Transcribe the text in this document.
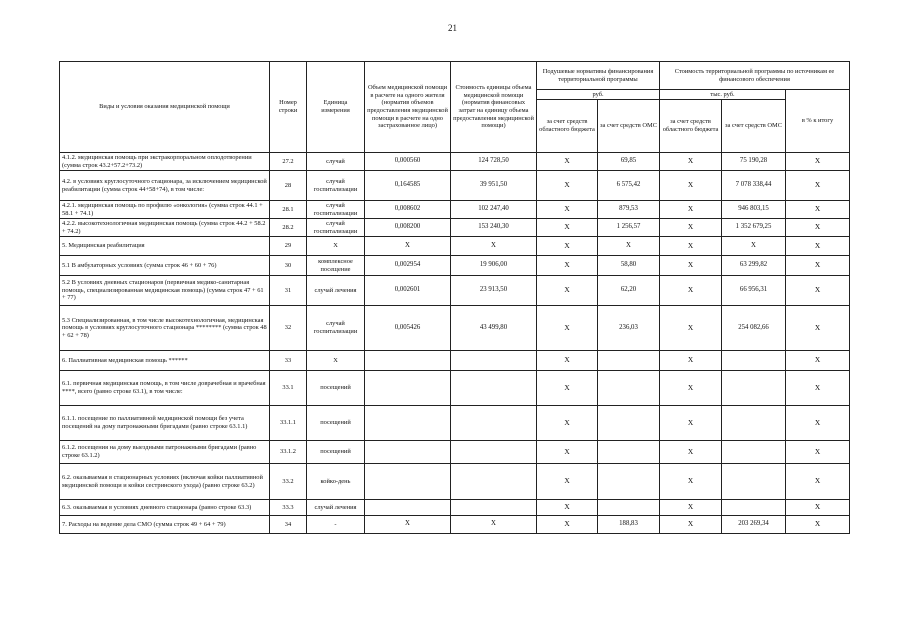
21
Виды и условия оказания медицинской помощи	Номер строки	Единица измерения	Объем медицинской помощи в расчете на одного жителя (норматив объемов предоставления медицинской помощи в расчете на одно застрахованное лицо)	Стоимость единицы объема медицинской помощи (норматив финансовых затрат на единицу объема предоставления медицинской помощи)	Подушевые нормативы финансирования территориальной программы		Стоимость территориальной программы по источникам ее финансового обеспечения		
					руб.		тыс. руб.		в % к итогу
					за счет средств областного бюджета	за счет средств ОМС	за счет средств областного бюджета	за счет средств ОМС	
4.1.2. медицинская помощь при экстракорпоральном оплодотворении (сумма строк 43.2+57.2+73.2)	27.2	случай	0,000560	124 728,50	X	69,85	X	75 190,28	X
4.2. в условиях круглосуточного стационара, за исключением медицинской реабилитации (сумма строк 44+58+74), в том числе:	28	случай госпитализации	0,164585	39 951,50	X	6 575,42	X	7 078 338,44	X
4.2.1. медицинская помощь по профилю «онкология» (сумма строк 44.1 + 58.1 + 74.1)	28.1	случай госпитализации	0,008602	102 247,40	X	879,53	X	946 803,15	X
4.2.2. высокотехнологичная медицинская помощь (сумма строк 44.2 + 58.2 + 74.2)	28.2	случай госпитализации	0,008200	153 240,30	X	1 256,57	X	1 352 679,25	X
5. Медицинская реабилитация	29	X	X	X	X	X	X	X	X
5.1 В амбулаторных условиях (сумма строк 46 + 60 + 76)	30	комплексное посещение	0,002954	19 906,00	X	58,80	X	63 299,82	X
5.2 В условиях дневных стационаров (первичная медико-санитарная помощь, специализированная медицинская помощь) (сумма строк 47 + 61 + 77)	31	случай лечения	0,002601	23 913,50	X	62,20	X	66 956,31	X
5.3 Специализированная, в том числе высокотехнологичная, медицинская помощь в условиях круглосуточного стационара ******** (сумма строк 48 + 62 + 78)	32	случай госпитализации	0,005426	43 499,80	X	236,03	X	254 082,66	X
6. Паллиативная медицинская помощь ******	33	X			X		X		X
6.1. первичная медицинская помощь, в том числе доврачебная и врачебная ****, всего (равно строке 63.1), в том числе:	33.1	посещений			X		X		X
6.1.1. посещение по паллиативной медицинской помощи без учета посещений на дому патронажными бригадами (равно строке 63.1.1)	33.1.1	посещений			X		X		X
6.1.2. посещения на дому выездными патронажными бригадами (равно строке 63.1.2)	33.1.2	посещений			X		X		X
6.2. оказываемая в стационарных условиях (включая койки паллиативной медицинской помощи и койки сестринского ухода) (равно строке 63.2)	33.2	койко-день			X		X		X
6.3. оказываемая в условиях дневного стационара (равно строке 63.3)	33.3	случай лечения			X		X		X
7. Расходы на ведение дела СМО (сумма строк 49 + 64 + 79)	34	-	X	X	X	188,83	X	203 269,34	X
